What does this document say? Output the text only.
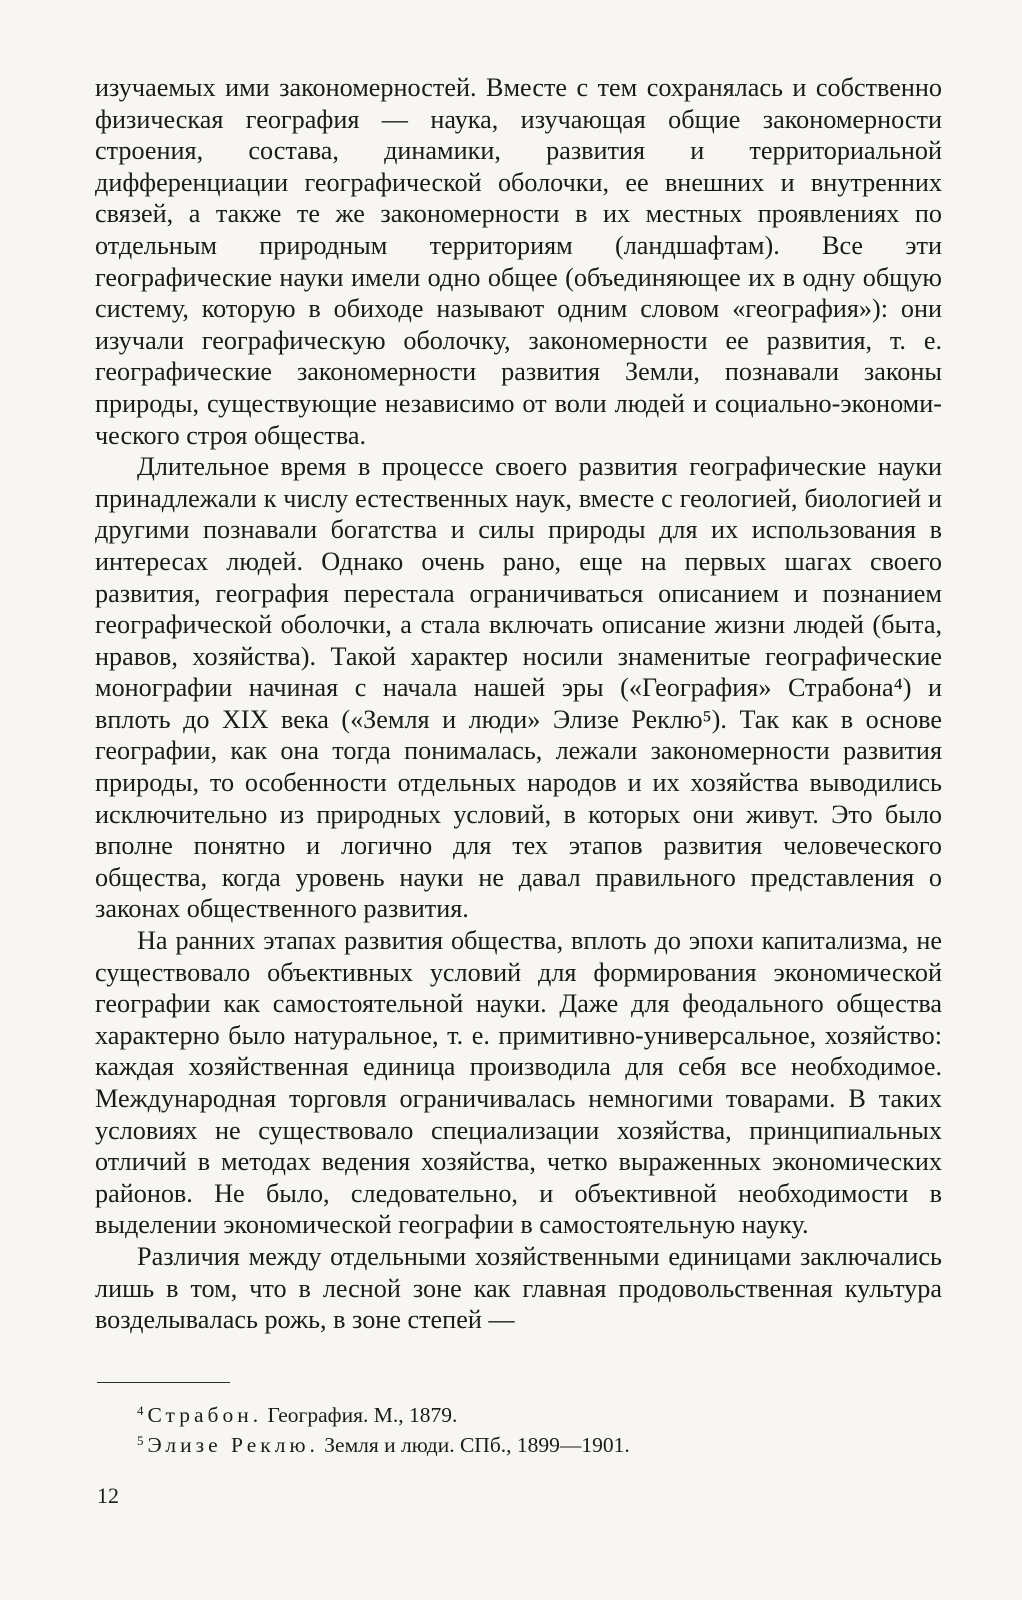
изучаемых ими закономерностей. Вместе с тем сохранялась и собственно физическая география — наука, изучающая общие закономерности строения, состава, динамики, развития и территориальной дифференциации географической оболочки, ее внешних и внутренних связей, а также те же закономерности в их местных проявлениях по отдельным природным территориям (ландшафтам). Все эти географические науки имели одно общее (объединяющее их в одну общую систему, которую в обиходе называют одним словом «география»): они изучали географическую оболочку, закономерности ее развития, т. е. географические закономерности развития Земли, познавали законы природы, существующие независимо от воли людей и социально-экономического строя общества.

Длительное время в процессе своего развития географические науки принадлежали к числу естественных наук, вместе с геологией, биологией и другими познавали богатства и силы природы для их использования в интересах людей. Однако очень рано, еще на первых шагах своего развития, география перестала ограничиваться описанием и познанием географической оболочки, а стала включать описание жизни людей (быта, нравов, хозяйства). Такой характер носили знаменитые географические монографии начиная с начала нашей эры («География» Страбона⁴) и вплоть до XIX века («Земля и люди» Элизе Реклю⁵). Так как в основе географии, как она тогда понималась, лежали закономерности развития природы, то особенности отдельных народов и их хозяйства выводились исключительно из природных условий, в которых они живут. Это было вполне понятно и логично для тех этапов развития человеческого общества, когда уровень науки не давал правильного представления о законах общественного развития.

На ранних этапах развития общества, вплоть до эпохи капитализма, не существовало объективных условий для формирования экономической географии как самостоятельной науки. Даже для феодального общества характерно было натуральное, т. е. примитивно-универсальное, хозяйство: каждая хозяйственная единица производила для себя все необходимое. Международная торговля ограничивалась немногими товарами. В таких условиях не существовало специализации хозяйства, принципиальных отличий в методах ведения хозяйства, четко выраженных экономических районов. Не было, следовательно, и объективной необходимости в выделении экономической географии в самостоятельную науку.

Различия между отдельными хозяйственными единицами заключались лишь в том, что в лесной зоне как главная продовольственная культура возделывалась рожь, в зоне степей —

$^4$ Страбон. География. М., 1879.

$^5$ Элизе Реклю. Земля и люди. СПб., 1899—1901.

12
